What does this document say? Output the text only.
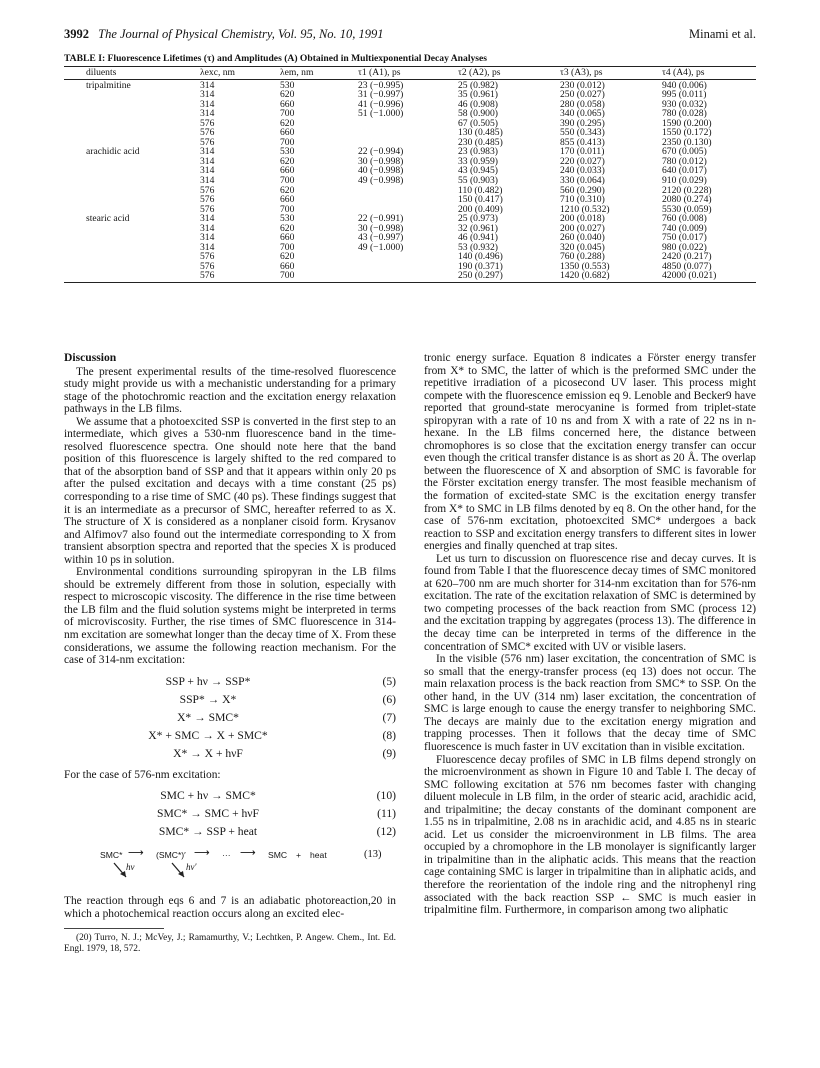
3992 The Journal of Physical Chemistry, Vol. 95, No. 10, 1991	Minami et al.
TABLE I: Fluorescence Lifetimes (τ) and Amplitudes (A) Obtained in Multiexponential Decay Analyses
diluents	λexc, nm	λem, nm	τ1 (A1), ps	τ2 (A2), ps	τ3 (A3), ps	τ4 (A4), ps
tripalmitine	314	530	23 (−0.995)	25 (0.982)	230 (0.012)	940 (0.006)
	314	620	31 (−0.997)	35 (0.961)	250 (0.027)	995 (0.011)
	314	660	41 (−0.996)	46 (0.908)	280 (0.058)	930 (0.032)
	314	700	51 (−1.000)	58 (0.900)	340 (0.065)	780 (0.028)
	576	620		67 (0.505)	390 (0.295)	1590 (0.200)
	576	660		130 (0.485)	550 (0.343)	1550 (0.172)
	576	700		230 (0.485)	855 (0.413)	2350 (0.130)
arachidic acid	314	530	22 (−0.994)	23 (0.983)	170 (0.011)	670 (0.005)
	314	620	30 (−0.998)	33 (0.959)	220 (0.027)	780 (0.012)
	314	660	40 (−0.998)	43 (0.945)	240 (0.033)	640 (0.017)
	314	700	49 (−0.998)	55 (0.903)	330 (0.064)	910 (0.029)
	576	620		110 (0.482)	560 (0.290)	2120 (0.228)
	576	660		150 (0.417)	710 (0.310)	2080 (0.274)
	576	700		200 (0.409)	1210 (0.532)	5530 (0.059)
stearic acid	314	530	22 (−0.991)	25 (0.973)	200 (0.018)	760 (0.008)
	314	620	30 (−0.998)	32 (0.961)	200 (0.027)	740 (0.009)
	314	660	43 (−0.997)	46 (0.941)	260 (0.040)	750 (0.017)
	314	700	49 (−1.000)	53 (0.932)	320 (0.045)	980 (0.022)
	576	620		140 (0.496)	760 (0.288)	2420 (0.217)
	576	660		190 (0.371)	1350 (0.553)	4850 (0.077)
	576	700		250 (0.297)	1420 (0.682)	42000 (0.021)
Discussion

The present experimental results of the time-resolved fluorescence study might provide us with a mechanistic understanding for a primary stage of the photochromic reaction and the excitation energy relaxation pathways in the LB films.

We assume that a photoexcited SSP is converted in the first step to an intermediate, which gives a 530-nm fluorescence band in the time-resolved fluorescence spectra. One should note here that the band position of this fluorescence is largely shifted to the red compared to that of the absorption band of SSP and that it appears within only 20 ps after the pulsed excitation and decays with a time constant (25 ps) corresponding to a rise time of SMC (40 ps). These findings suggest that it is an intermediate as a precursor of SMC, hereafter referred to as X. The structure of X is considered as a nonplaner cisoid form. Krysanov and Alfimov7 also found out the intermediate corresponding to X from transient absorption spectra and reported that the species X is produced within 10 ps in solution.

Environmental conditions surrounding spiropyran in the LB films should be extremely different from those in solution, especially with respect to microscopic viscosity. The difference in the rise time between the LB film and the fluid solution systems might be interpreted in terms of microviscosity. Further, the rise times of SMC fluorescence in 314-nm excitation are somewhat longer than the decay time of X. From these considerations, we assume the following reaction mechanism. For the case of 314-nm excitation:

SSP + hν → SSP*	(5)
SSP* → X*	(6)
X* → SMC*	(7)
X* + SMC → X + SMC*	(8)
X* → X + hνF	(9)

For the case of 576-nm excitation:

SMC + hν → SMC*	(10)
SMC* → SMC + hνF	(11)
SMC* → SSP + heat	(12)
SMC* ⟶ (SMC*)′ ⟶ ··· ⟶ SMC + heat	(13)
hν	hν′

The reaction through eqs 6 and 7 is an adiabatic photoreaction,20 in which a photochemical reaction occurs along an excited elec-

(20) Turro, N. J.; McVey, J.; Ramamurthy, V.; Lechtken, P. Angew. Chem., Int. Ed. Engl. 1979, 18, 572.

tronic energy surface. Equation 8 indicates a Förster energy transfer from X* to SMC, the latter of which is the preformed SMC under the repetitive irradiation of a picosecond UV laser. This process might compete with the fluorescence emission eq 9. Lenoble and Becker9 have reported that ground-state merocyanine is formed from triplet-state spiropyran with a rate of 10 ns and from X with a rate of 22 ns in n-hexane. In the LB films concerned here, the distance between chromophores is so close that the excitation energy transfer can occur even though the critical transfer distance is as short as 20 Å. The overlap between the fluorescence of X and absorption of SMC is favorable for the Förster excitation energy transfer. The most feasible mechanism of the formation of excited-state SMC is the excitation energy transfer from X* to SMC in LB films denoted by eq 8. On the other hand, for the case of 576-nm excitation, photoexcited SMC* undergoes a back reaction to SSP and excitation energy transfers to different sites in lower energies and finally quenched at trap sites.

Let us turn to discussion on fluorescence rise and decay curves. It is found from Table I that the fluorescence decay times of SMC monitored at 620–700 nm are much shorter for 314-nm excitation than for 576-nm excitation. The rate of the excitation relaxation of SMC is determined by two competing processes of the back reaction from SMC (process 12) and the excitation trapping by aggregates (process 13). The difference in the decay time can be interpreted in terms of the difference in the concentration of SMC* excited with UV or visible lasers.

In the visible (576 nm) laser excitation, the concentration of SMC is so small that the energy-transfer process (eq 13) does not occur. The main relaxation process is the back reaction from SMC* to SSP. On the other hand, in the UV (314 nm) laser excitation, the concentration of SMC is large enough to cause the energy transfer to neighboring SMC. The decays are mainly due to the excitation energy migration and trapping processes. Then it follows that the decay time of SMC fluorescence is much faster in UV excitation than in visible excitation.

Fluorescence decay profiles of SMC in LB films depend strongly on the microenvironment as shown in Figure 10 and Table I. The decay of SMC following excitation at 576 nm becomes faster with changing diluent molecule in LB film, in the order of stearic acid, arachidic acid, and tripalmitine; the decay constants of the dominant component are 1.55 ns in tripalmitine, 2.08 ns in arachidic acid, and 4.85 ns in stearic acid. Let us consider the microenvironment in LB films. The area occupied by a chromophore in the LB monolayer is significantly larger in tripalmitine than in the aliphatic acids. This means that the reaction cage containing SMC is larger in tripalmitine than in aliphatic acids, and therefore the reorientation of the indole ring and the nitrophenyl ring associated with the back reaction SSP ← SMC is much easier in tripalmitine film. Furthermore, in comparison among two aliphatic
